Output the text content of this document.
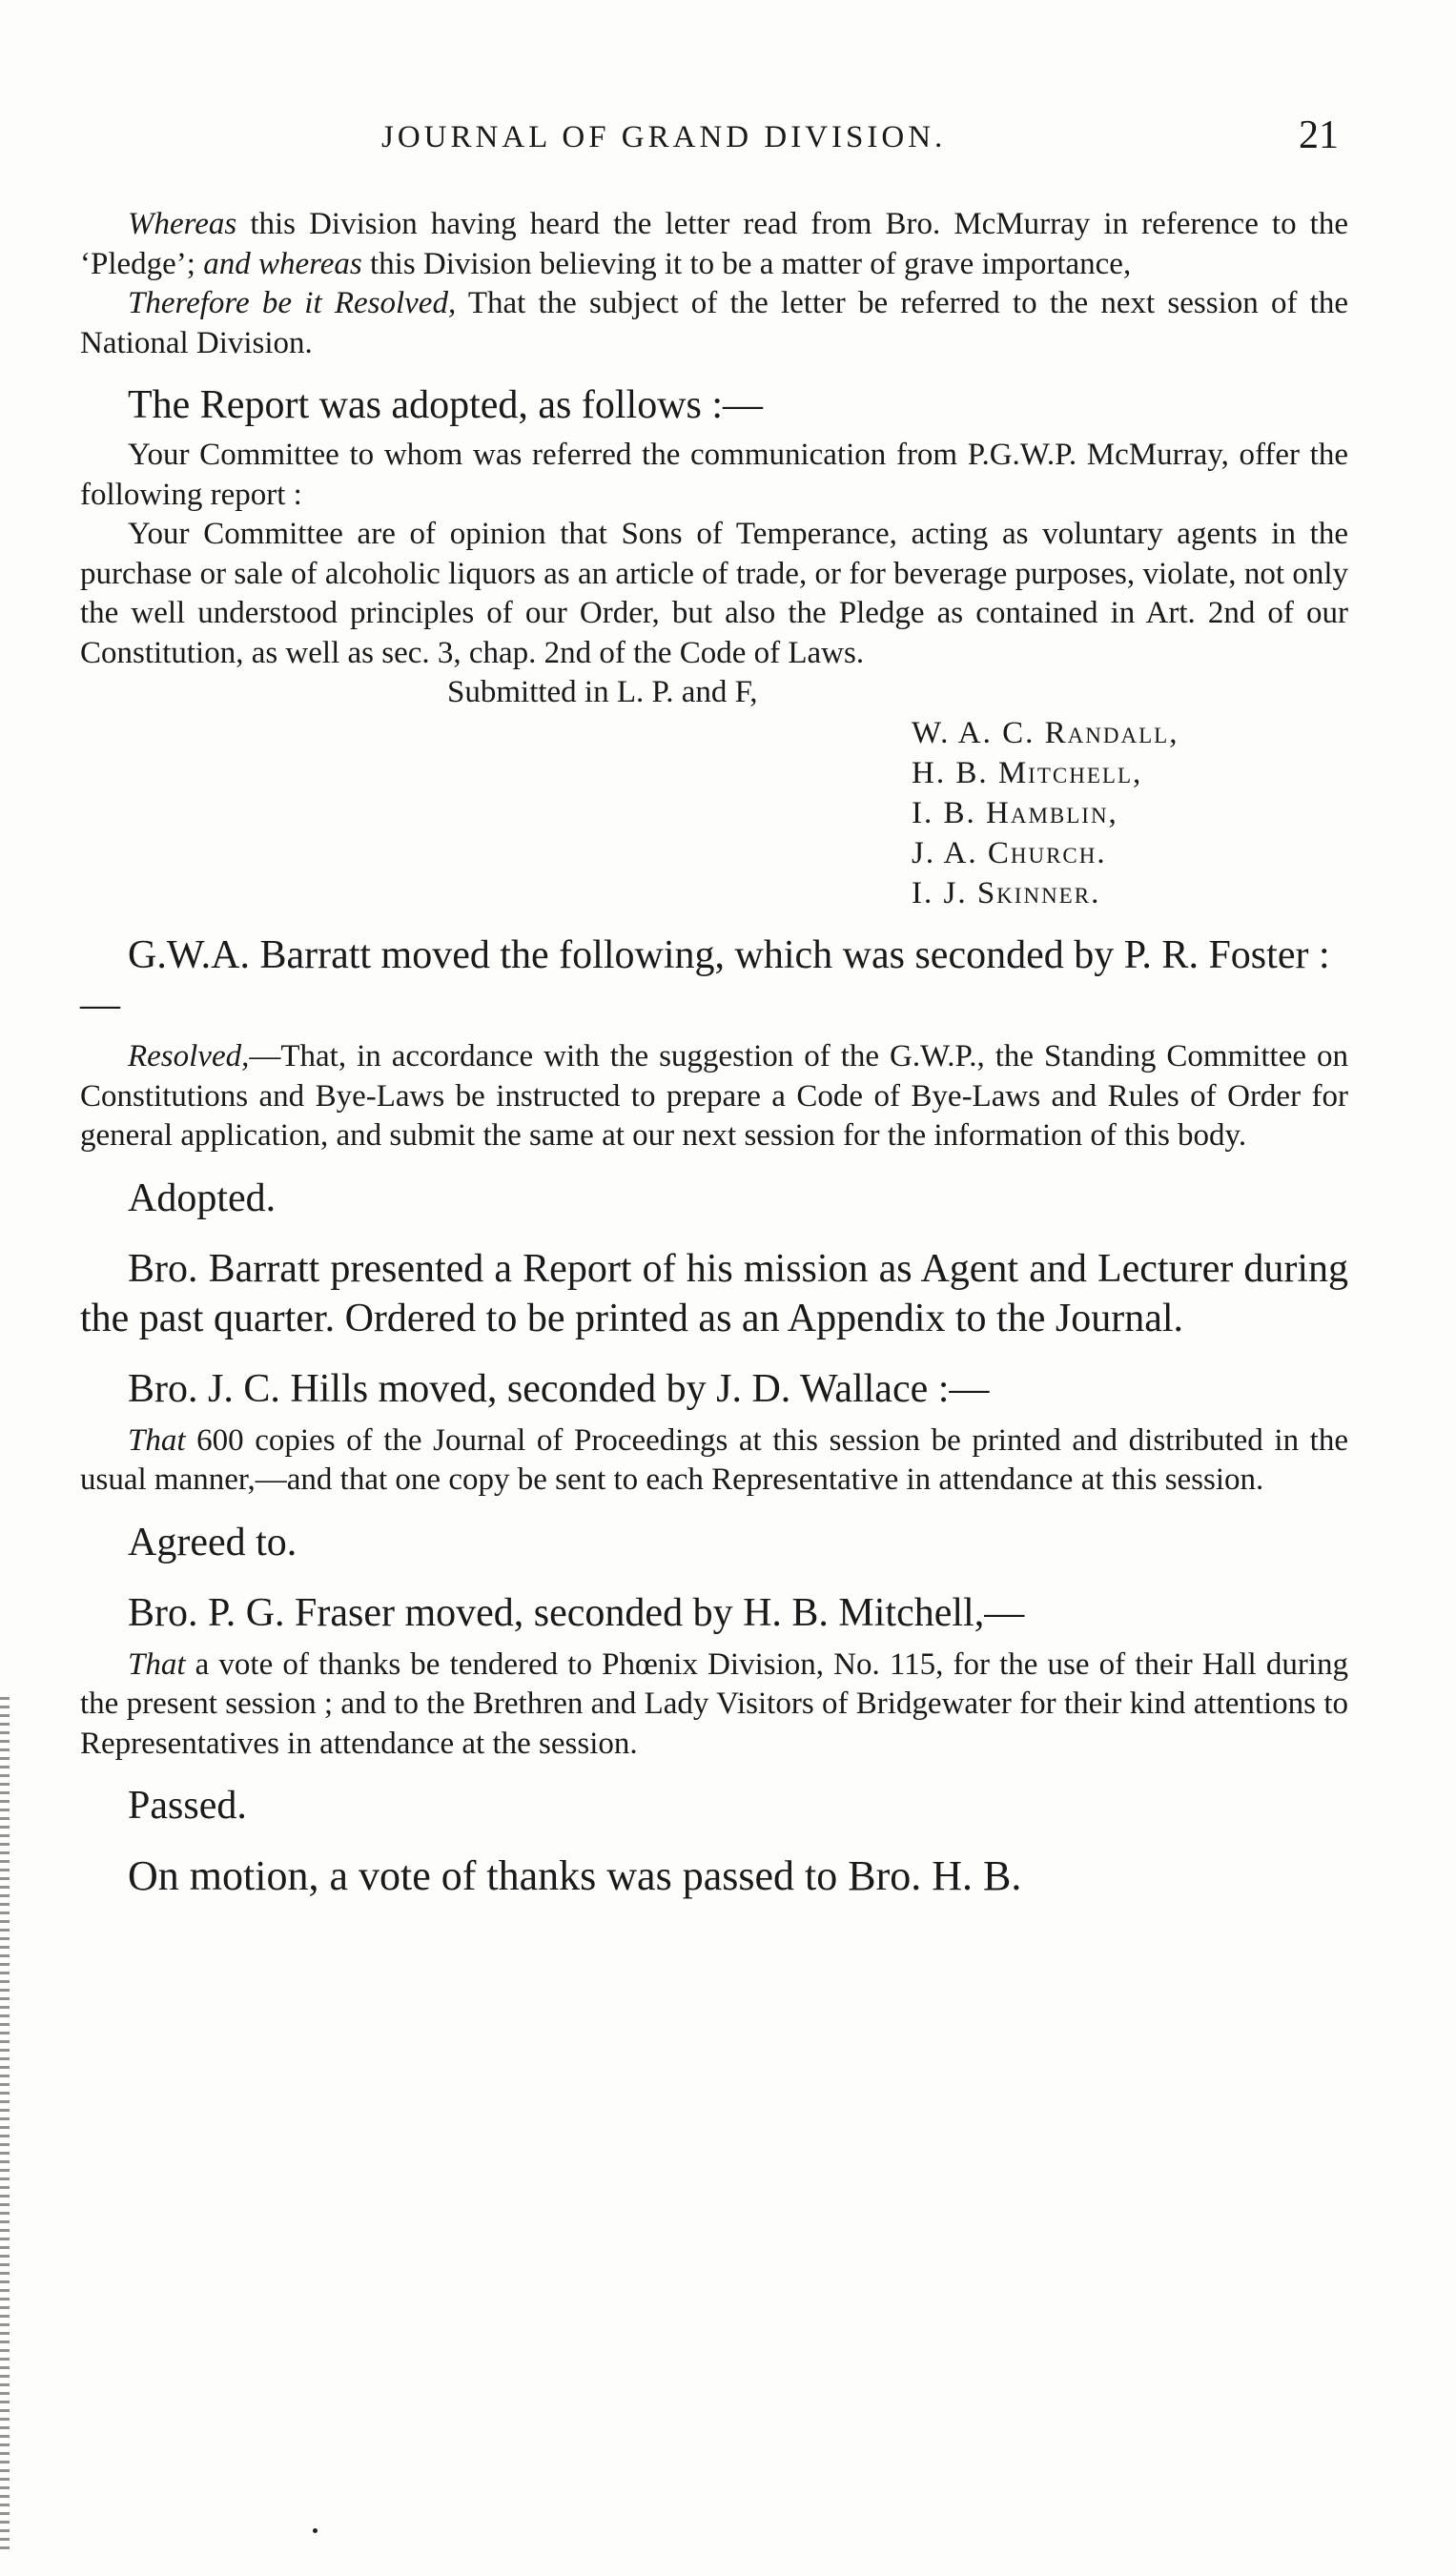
JOURNAL OF GRAND DIVISION.	21

Whereas this Division having heard the letter read from Bro. McMurray in reference to the ‘Pledge’; and whereas this Division believing it to be a matter of grave importance,

Therefore be it Resolved, That the subject of the letter be referred to the next session of the National Division.

The Report was adopted, as follows :—

Your Committee to whom was referred the communication from P.G.W.P. McMurray, offer the following report :

Your Committee are of opinion that Sons of Temperance, acting as voluntary agents in the purchase or sale of alcoholic liquors as an article of trade, or for beverage purposes, violate, not only the well understood principles of our Order, but also the Pledge as contained in Art. 2nd of our Constitution, as well as sec. 3, chap. 2nd of the Code of Laws.

Submitted in L. P. and F,
W. A. C. Randall,
H. B. Mitchell,
I. B. Hamblin,
J. A. Church.
I. J. Skinner.

G.W.A. Barratt moved the following, which was seconded by P. R. Foster :—

Resolved,—That, in accordance with the suggestion of the G.W.P., the Standing Committee on Constitutions and Bye-Laws be instructed to prepare a Code of Bye-Laws and Rules of Order for general application, and submit the same at our next session for the information of this body.

Adopted.

Bro. Barratt presented a Report of his mission as Agent and Lecturer during the past quarter. Ordered to be printed as an Appendix to the Journal.

Bro. J. C. Hills moved, seconded by J. D. Wallace :—

That 600 copies of the Journal of Proceedings at this session be printed and distributed in the usual manner,—and that one copy be sent to each Representative in attendance at this session.

Agreed to.

Bro. P. G. Fraser moved, seconded by H. B. Mitchell,—

That a vote of thanks be tendered to Phœnix Division, No. 115, for the use of their Hall during the present session ; and to the Brethren and Lady Visitors of Bridgewater for their kind attentions to Representatives in attendance at the session.

Passed.

On motion, a vote of thanks was passed to Bro. H. B.
